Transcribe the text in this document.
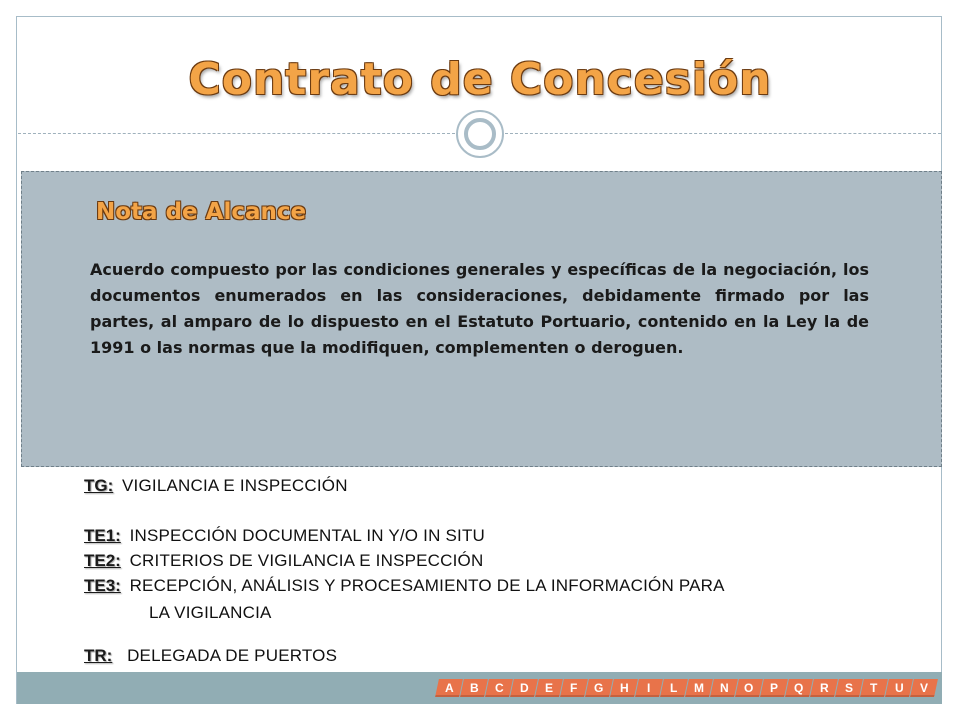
Contrato de Concesión
Nota de Alcance
Acuerdo compuesto por las condiciones generales y específicas de la negociación, los documentos enumerados en las consideraciones, debidamente firmado por las partes, al amparo de lo dispuesto en el Estatuto Portuario, contenido en la Ley la de 1991 o las normas que la modifiquen, complementen o deroguen.
TG: VIGILANCIA E INSPECCIÓN
TE1: INSPECCIÓN DOCUMENTAL IN Y/O IN SITU
TE2: CRITERIOS DE VIGILANCIA E INSPECCIÓN
TE3: RECEPCIÓN, ANÁLISIS Y PROCESAMIENTO DE LA INFORMACIÓN PARA
LA VIGILANCIA
TR: DELEGADA DE PUERTOS
A	B	C	D	E	F	G	H	I	L	M	N	O	P	Q	R	S	T	U	V
